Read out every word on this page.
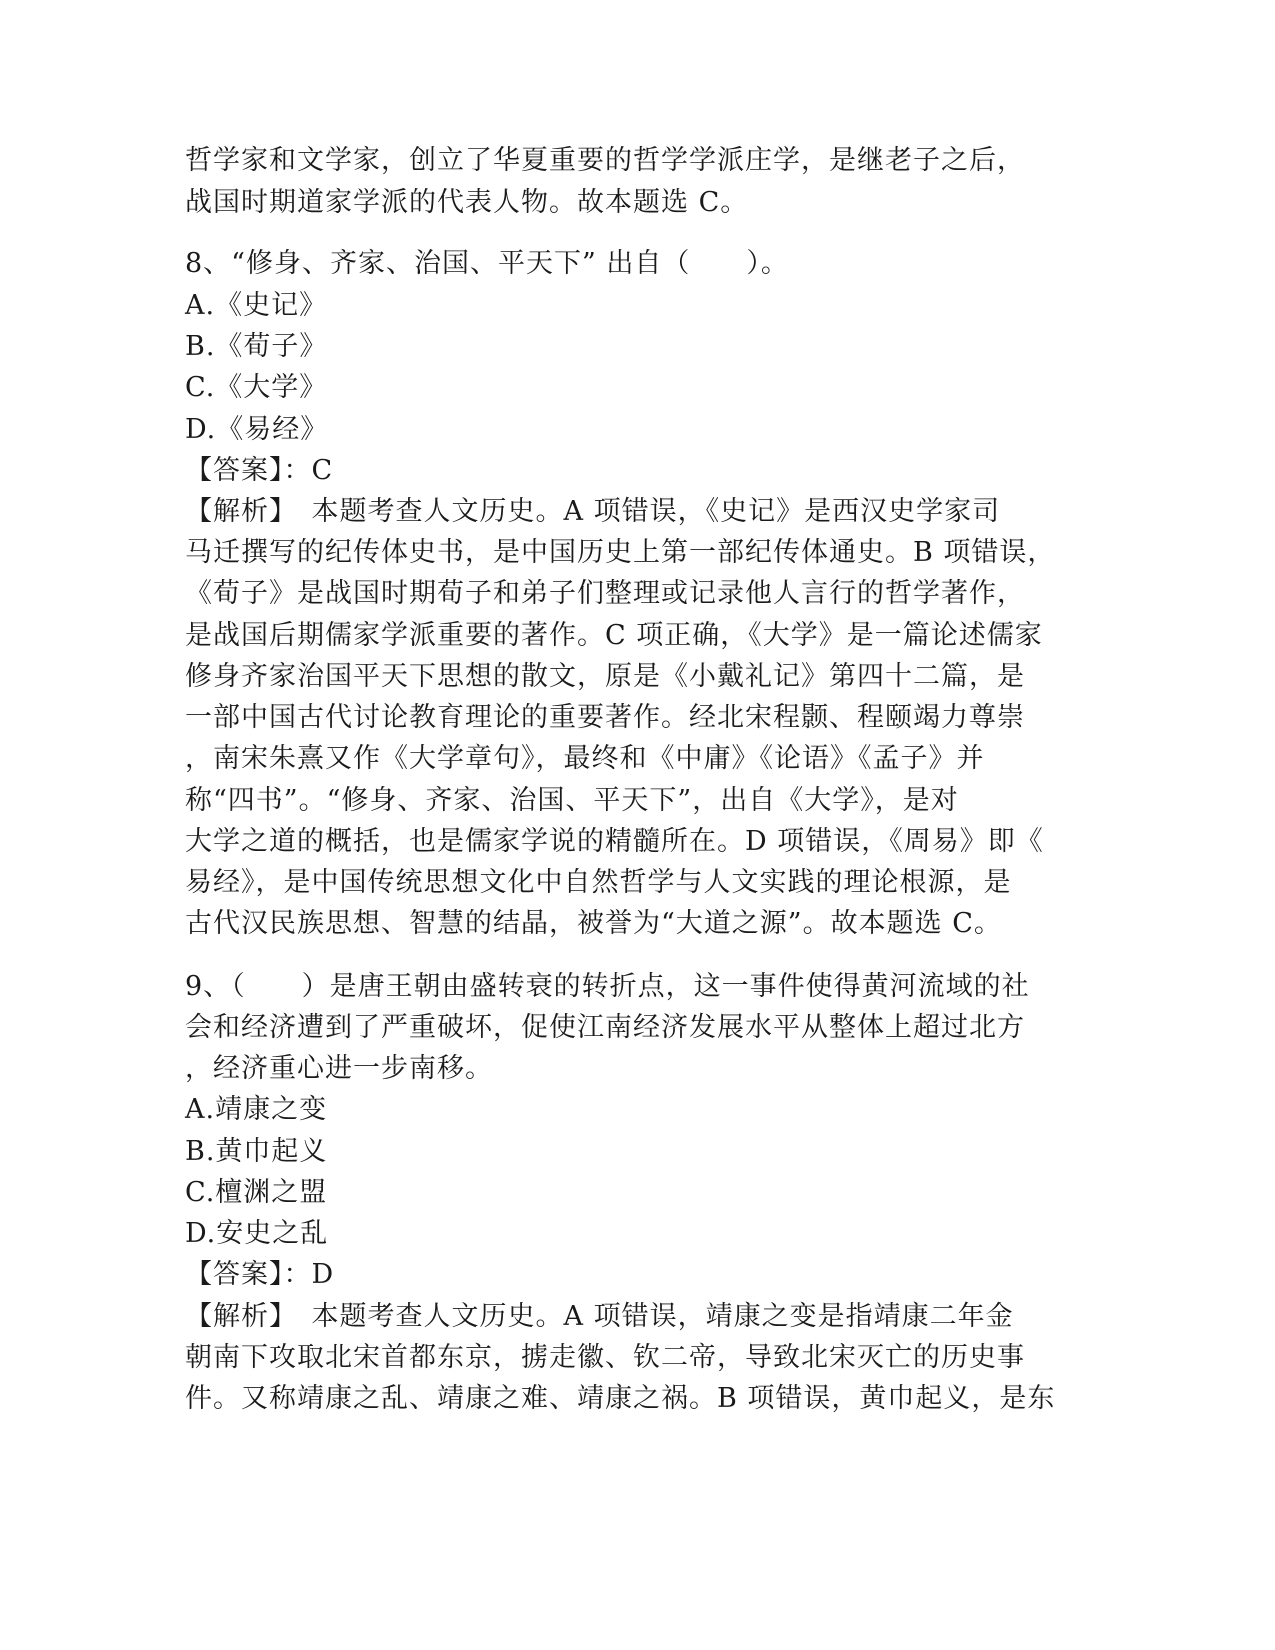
哲学家和文学家，创立了华夏重要的哲学学派庄学，是继老子之后，

战国时期道家学派的代表人物。故本题选 C。

8、“修身、齐家、治国、平天下” 出自（　　）。

A.《史记》

B.《荀子》

C.《大学》

D.《易经》

【答案】：C

【解析】　本题考查人文历史。A 项错误，《史记》是西汉史学家司

马迁撰写的纪传体史书，是中国历史上第一部纪传体通史。B 项错误，

《荀子》是战国时期荀子和弟子们整理或记录他人言行的哲学著作，

是战国后期儒家学派重要的著作。C 项正确，《大学》是一篇论述儒家

修身齐家治国平天下思想的散文，原是《小戴礼记》第四十二篇，是

一部中国古代讨论教育理论的重要著作。经北宋程颢、程颐竭力尊崇

，南宋朱熹又作《大学章句》，最终和《中庸》《论语》《孟子》并

称“四书”。“修身、齐家、治国、平天下”，出自《大学》，是对

大学之道的概括，也是儒家学说的精髓所在。D 项错误，《周易》即《

易经》，是中国传统思想文化中自然哲学与人文实践的理论根源，是

古代汉民族思想、智慧的结晶，被誉为“大道之源”。故本题选 C。

9、（　　）是唐王朝由盛转衰的转折点，这一事件使得黄河流域的社

会和经济遭到了严重破坏，促使江南经济发展水平从整体上超过北方

，经济重心进一步南移。

A.靖康之变

B.黄巾起义

C.檀渊之盟

D.安史之乱

【答案】：D

【解析】　本题考查人文历史。A 项错误，靖康之变是指靖康二年金

朝南下攻取北宋首都东京，掳走徽、钦二帝，导致北宋灭亡的历史事

件。又称靖康之乱、靖康之难、靖康之祸。B 项错误，黄巾起义，是东
